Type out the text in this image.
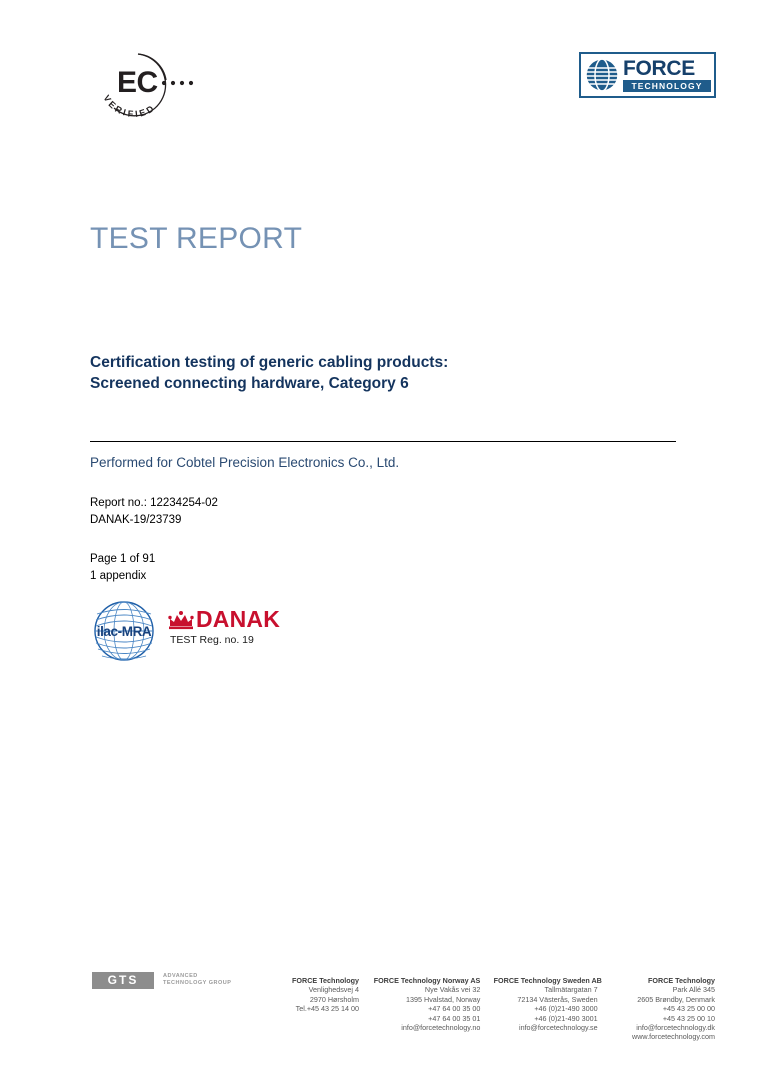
EC
VERIFIED
FORCE
TECHNOLOGY
TEST REPORT
Certification testing of generic cabling products:
Screened connecting hardware, Category 6
Performed for Cobtel Precision Electronics Co., Ltd.
Report no.: 12234254-02
DANAK-19/23739
Page 1 of 91
1 appendix
ilac-MRA DANAK
TEST Reg. no. 19
GTS	ADVANCED
TECHNOLOGY GROUP	FORCE Technology
Venlighedsvej 4
2970 Hørsholm
Tel.+45 43 25 14 00
FORCE Technology Norway AS
Nye Vakås vei 32
1395 Hvalstad, Norway
+47 64 00 35 00
+47 64 00 35 01
info@forcetechnology.no
FORCE Technology Sweden AB
Tallmätargatan 7
72134 Västerås, Sweden
+46 (0)21-490 3000
+46 (0)21-490 3001
info@forcetechnology.se
FORCE Technology
Park Allé 345
2605 Brøndby, Denmark
+45 43 25 00 00
+45 43 25 00 10
info@forcetechnology.dk
www.forcetechnology.com
